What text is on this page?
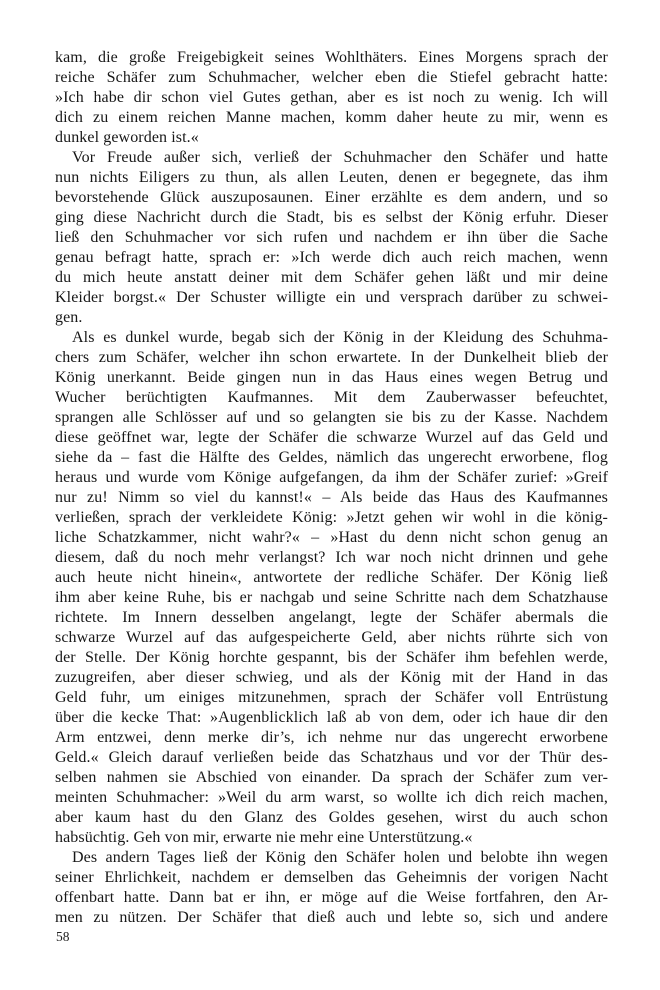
kam, die große Freigebigkeit seines Wohlthäters. Eines Morgens sprach der
reiche Schäfer zum Schuhmacher, welcher eben die Stiefel gebracht hatte:
»Ich habe dir schon viel Gutes gethan, aber es ist noch zu wenig. Ich will
dich zu einem reichen Manne machen, komm daher heute zu mir, wenn es
dunkel geworden ist.«
Vor Freude außer sich, verließ der Schuhmacher den Schäfer und hatte
nun nichts Eiligers zu thun, als allen Leuten, denen er begegnete, das ihm
bevorstehende Glück auszuposaunen. Einer erzählte es dem andern, und so
ging diese Nachricht durch die Stadt, bis es selbst der König erfuhr. Dieser
ließ den Schuhmacher vor sich rufen und nachdem er ihn über die Sache
genau befragt hatte, sprach er: »Ich werde dich auch reich machen, wenn
du mich heute anstatt deiner mit dem Schäfer gehen läßt und mir deine
Kleider borgst.« Der Schuster willigte ein und versprach darüber zu schwei-
gen.
Als es dunkel wurde, begab sich der König in der Kleidung des Schuhma-
chers zum Schäfer, welcher ihn schon erwartete. In der Dunkelheit blieb der
König unerkannt. Beide gingen nun in das Haus eines wegen Betrug und
Wucher berüchtigten Kaufmannes. Mit dem Zauberwasser befeuchtet,
sprangen alle Schlösser auf und so gelangten sie bis zu der Kasse. Nachdem
diese geöffnet war, legte der Schäfer die schwarze Wurzel auf das Geld und
siehe da – fast die Hälfte des Geldes, nämlich das ungerecht erworbene, flog
heraus und wurde vom Könige aufgefangen, da ihm der Schäfer zurief: »Greif
nur zu! Nimm so viel du kannst!« – Als beide das Haus des Kaufmannes
verließen, sprach der verkleidete König: »Jetzt gehen wir wohl in die könig-
liche Schatzkammer, nicht wahr?« – »Hast du denn nicht schon genug an
diesem, daß du noch mehr verlangst? Ich war noch nicht drinnen und gehe
auch heute nicht hinein«, antwortete der redliche Schäfer. Der König ließ
ihm aber keine Ruhe, bis er nachgab und seine Schritte nach dem Schatzhause
richtete. Im Innern desselben angelangt, legte der Schäfer abermals die
schwarze Wurzel auf das aufgespeicherte Geld, aber nichts rührte sich von
der Stelle. Der König horchte gespannt, bis der Schäfer ihm befehlen werde,
zuzugreifen, aber dieser schwieg, und als der König mit der Hand in das
Geld fuhr, um einiges mitzunehmen, sprach der Schäfer voll Entrüstung
über die kecke That: »Augenblicklich laß ab von dem, oder ich haue dir den
Arm entzwei, denn merke dir’s, ich nehme nur das ungerecht erworbene
Geld.« Gleich darauf verließen beide das Schatzhaus und vor der Thür des-
selben nahmen sie Abschied von einander. Da sprach der Schäfer zum ver-
meinten Schuhmacher: »Weil du arm warst, so wollte ich dich reich machen,
aber kaum hast du den Glanz des Goldes gesehen, wirst du auch schon
habsüchtig. Geh von mir, erwarte nie mehr eine Unterstützung.«
Des andern Tages ließ der König den Schäfer holen und belobte ihn wegen
seiner Ehrlichkeit, nachdem er demselben das Geheimnis der vorigen Nacht
offenbart hatte. Dann bat er ihn, er möge auf die Weise fortfahren, den Ar-
men zu nützen. Der Schäfer that dieß auch und lebte so, sich und andere
58
